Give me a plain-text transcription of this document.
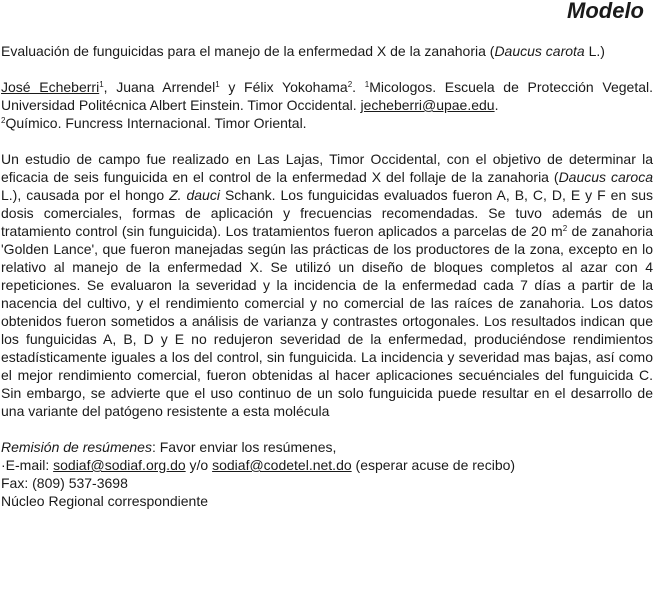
Modelo

Evaluación de funguicidas para el manejo de la enfermedad X de la zanahoria (Daucus carota L.)

José Echeberri$^1$, Juana Arrendel$^1$ y Félix Yokohama$^2$. $^1$Micologos. Escuela de Protección Vegetal. Universidad Politécnica Albert Einstein. Timor Occidental. jecheberri@upae.edu.
$^2$Químico. Funcress Internacional. Timor Oriental.

Un estudio de campo fue realizado en Las Lajas, Timor Occidental, con el objetivo de determinar la eficacia de seis funguicida en el control de la enfermedad X del follaje de la zanahoria (Daucus caroca L.), causada por el hongo Z. dauci Schank. Los funguicidas evaluados fueron A, B, C, D, E y F en sus dosis comerciales, formas de aplicación y frecuencias recomendadas. Se tuvo además de un tratamiento control (sin funguicida). Los tratamientos fueron aplicados a parcelas de 20 $m^2$ de zanahoria 'Golden Lance', que fueron manejadas según las prácticas de los productores de la zona, excepto en lo relativo al manejo de la enfermedad X. Se utilizó un diseño de bloques completos al azar con 4 repeticiones. Se evaluaron la severidad y la incidencia de la enfermedad cada 7 días a partir de la nacencia del cultivo, y el rendimiento comercial y no comercial de las raíces de zanahoria. Los datos obtenidos fueron sometidos a análisis de varianza y contrastes ortogonales. Los resultados indican que los funguicidas A, B, D y E no redujeron severidad de la enfermedad, produciéndose rendimientos estadísticamente iguales a los del control, sin funguicida. La incidencia y severidad mas bajas, así como el mejor rendimiento comercial, fueron obtenidas al hacer aplicaciones secuénciales del funguicida C. Sin embargo, se advierte que el uso continuo de un solo funguicida puede resultar en el desarrollo de una variante del patógeno resistente a esta molécula

Remisión de resúmenes: Favor enviar los resúmenes,
·E-mail: sodiaf@sodiaf.org.do y/o sodiaf@codetel.net.do (esperar acuse de recibo)
Fax: (809) 537-3698
Núcleo Regional correspondiente
